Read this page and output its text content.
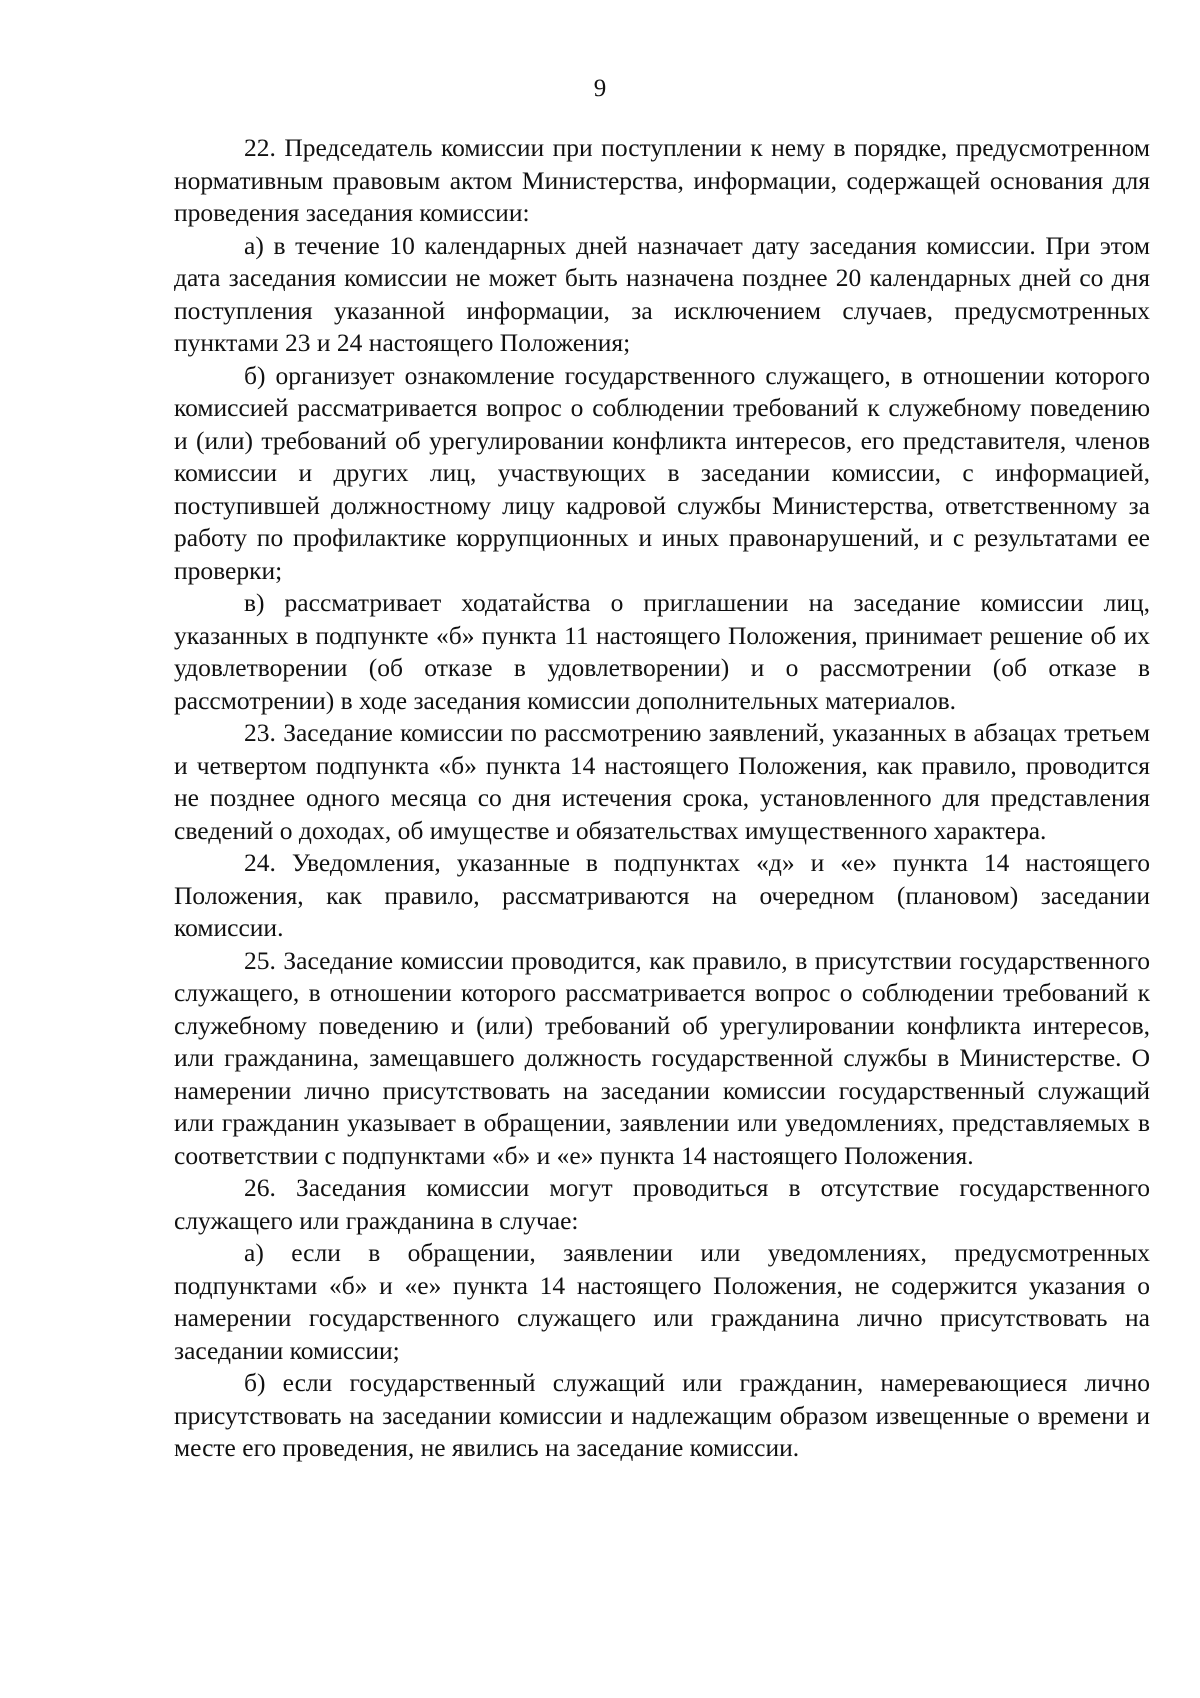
9

22. Председатель комиссии при поступлении к нему в порядке, предусмотренном нормативным правовым актом Министерства, информации, содержащей основания для проведения заседания комиссии:

а) в течение 10 календарных дней назначает дату заседания комиссии. При этом дата заседания комиссии не может быть назначена позднее 20 календарных дней со дня поступления указанной информации, за исключением случаев, предусмотренных пунктами 23 и 24 настоящего Положения;

б) организует ознакомление государственного служащего, в отношении которого комиссией рассматривается вопрос о соблюдении требований к служебному поведению и (или) требований об урегулировании конфликта интересов, его представителя, членов комиссии и других лиц, участвующих в заседании комиссии, с информацией, поступившей должностному лицу кадровой службы Министерства, ответственному за работу по профилактике коррупционных и иных правонарушений, и с результатами ее проверки;

в) рассматривает ходатайства о приглашении на заседание комиссии лиц, указанных в подпункте «б» пункта 11 настоящего Положения, принимает решение об их удовлетворении (об отказе в удовлетворении) и о рассмотрении (об отказе в рассмотрении) в ходе заседания комиссии дополнительных материалов.

23. Заседание комиссии по рассмотрению заявлений, указанных в абзацах третьем и четвертом подпункта «б» пункта 14 настоящего Положения, как правило, проводится не позднее одного месяца со дня истечения срока, установленного для представления сведений о доходах, об имуществе и обязательствах имущественного характера.

24. Уведомления, указанные в подпунктах «д» и «е» пункта 14 настоящего Положения, как правило, рассматриваются на очередном (плановом) заседании комиссии.

25. Заседание комиссии проводится, как правило, в присутствии государственного служащего, в отношении которого рассматривается вопрос о соблюдении требований к служебному поведению и (или) требований об урегулировании конфликта интересов, или гражданина, замещавшего должность государственной службы в Министерстве. О намерении лично присутствовать на заседании комиссии государственный служащий или гражданин указывает в обращении, заявлении или уведомлениях, представляемых в соответствии с подпунктами «б» и «е» пункта 14 настоящего Положения.

26. Заседания комиссии могут проводиться в отсутствие государственного служащего или гражданина в случае:

а) если в обращении, заявлении или уведомлениях, предусмотренных подпунктами «б» и «е» пункта 14 настоящего Положения, не содержится указания о намерении государственного служащего или гражданина лично присутствовать на заседании комиссии;

б) если государственный служащий или гражданин, намеревающиеся лично присутствовать на заседании комиссии и надлежащим образом извещенные о времени и месте его проведения, не явились на заседание комиссии.
